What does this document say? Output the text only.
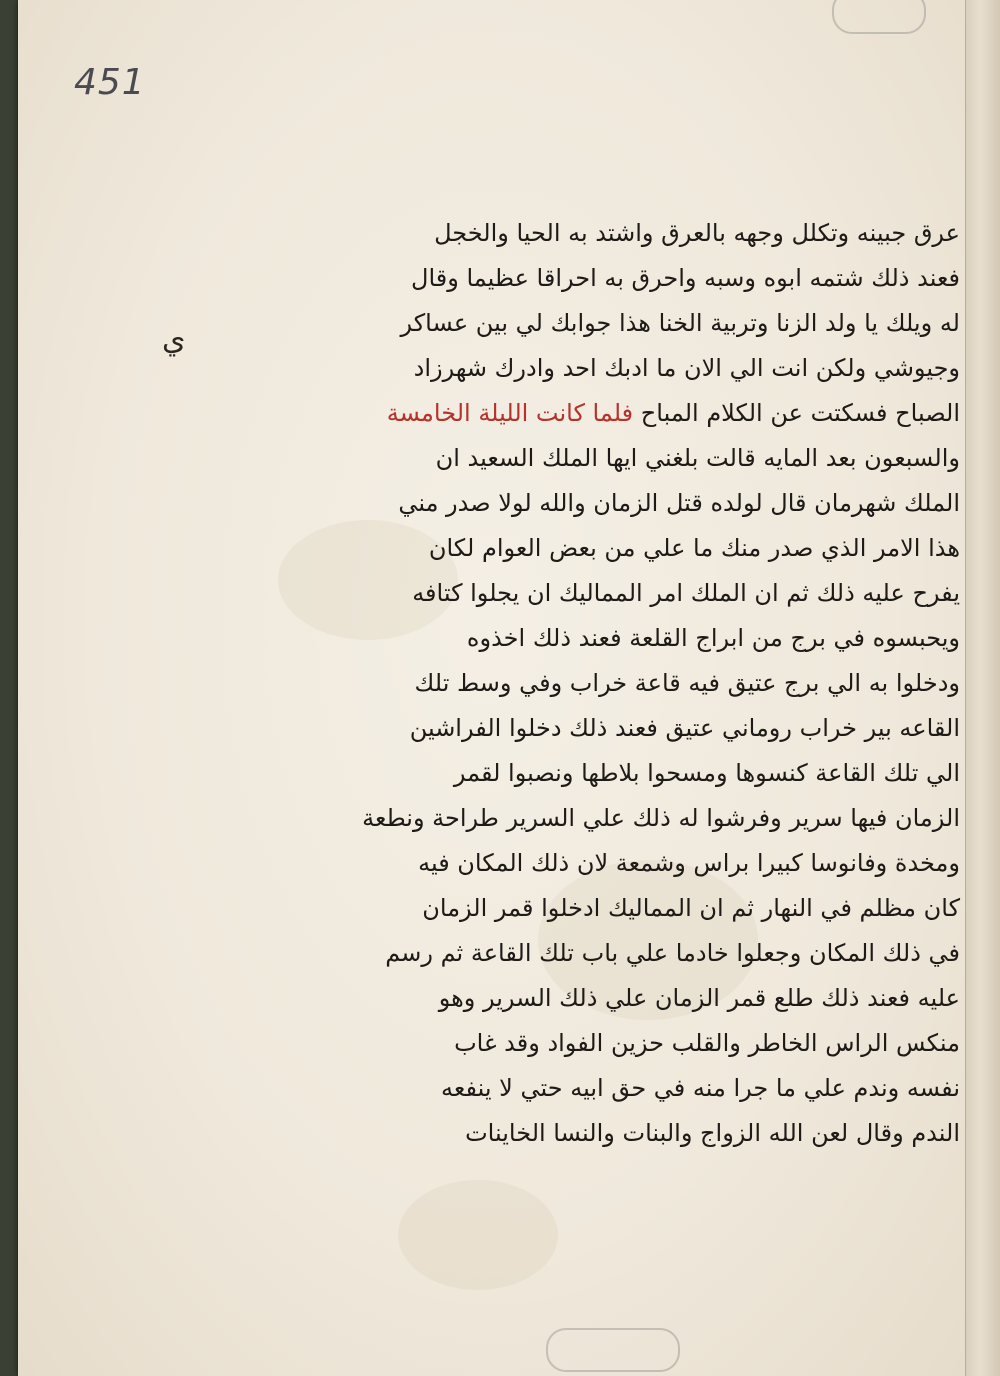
451
ي
عرق جبينه وتكلل وجهه بالعرق واشتد به الحيا والخجل
فعند ذلك شتمه ابوه وسبه واحرق به احراقا عظيما وقال
له ويلك يا ولد الزنا وتربية الخنا هذا جوابك لي بين عساكر
وجيوشي ولكن انت الي الان ما ادبك احد وادرك شهرزاد
الصباح فسكتت عن الكلام المباح فلما كانت الليلة الخامسة
والسبعون بعد المايه قالت بلغني ايها الملك السعيد ان
الملك شهرمان قال لولده قتل الزمان والله لولا صدر مني
هذا الامر الذي صدر منك ما علي من بعض العوام لكان
يفرح عليه ذلك ثم ان الملك امر المماليك ان يجلوا كتافه
ويحبسوه في برج من ابراج القلعة فعند ذلك اخذوه
ودخلوا به الي برج عتيق فيه قاعة خراب وفي وسط تلك
القاعه بير خراب روماني عتيق فعند ذلك دخلوا الفراشين
الي تلك القاعة كنسوها ومسحوا بلاطها ونصبوا لقمر
الزمان فيها سرير وفرشوا له ذلك علي السرير طراحة ونطعة
ومخدة وفانوسا كبيرا براس وشمعة لان ذلك المكان فيه
كان مظلم في النهار ثم ان المماليك ادخلوا قمر الزمان
في ذلك المكان وجعلوا خادما علي باب تلك القاعة ثم رسم
عليه فعند ذلك طلع قمر الزمان علي ذلك السرير وهو
منكس الراس الخاطر والقلب حزين الفواد وقد غاب
نفسه وندم علي ما جرا منه في حق ابيه حتي لا ينفعه
الندم وقال لعن الله الزواج والبنات والنسا الخاينات
